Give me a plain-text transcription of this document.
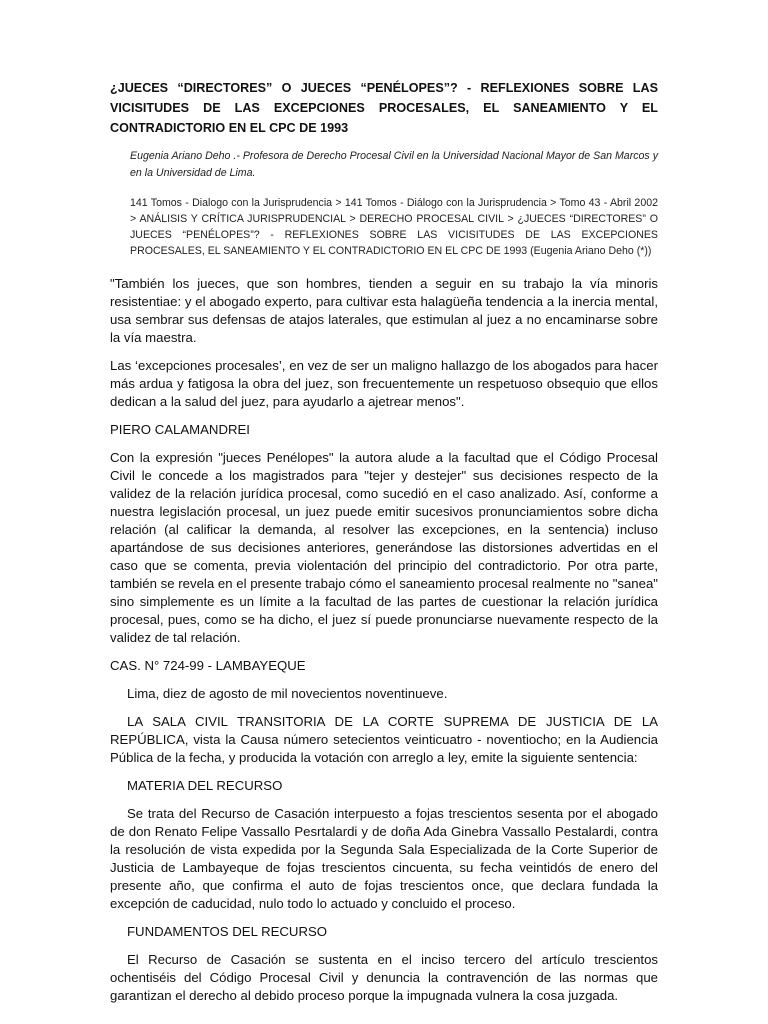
¿JUECES “DIRECTORES” O JUECES “PENÉLOPES”? - REFLEXIONES SOBRE LAS VICISITUDES DE LAS EXCEPCIONES PROCESALES, EL SANEAMIENTO Y EL CONTRADICTORIO EN EL CPC DE 1993
Eugenia Ariano Deho .- Profesora de Derecho Procesal Civil en la Universidad Nacional Mayor de San Marcos y en la Universidad de Lima.
141 Tomos - Dialogo con la Jurisprudencia > 141 Tomos - Diálogo con la Jurisprudencia > Tomo 43 - Abril 2002 > ANÁLISIS Y CRÍTICA JURISPRUDENCIAL > DERECHO PROCESAL CIVIL > ¿JUECES “DIRECTORES” O JUECES “PENÉLOPES”? - REFLEXIONES SOBRE LAS VICISITUDES DE LAS EXCEPCIONES PROCESALES, EL SANEAMIENTO Y EL CONTRADICTORIO EN EL CPC DE 1993 (Eugenia Ariano Deho (*))

"También los jueces, que son hombres, tienden a seguir en su trabajo la vía minoris resistentiae: y el abogado experto, para cultivar esta halagüeña tendencia a la inercia mental, usa sembrar sus defensas de atajos laterales, que estimulan al juez a no encaminarse sobre la vía maestra.

Las ‘excepciones procesales’, en vez de ser un maligno hallazgo de los abogados para hacer más ardua y fatigosa la obra del juez, son frecuentemente un respetuoso obsequio que ellos dedican a la salud del juez, para ayudarlo a ajetrear menos".

PIERO CALAMANDREI

Con la expresión "jueces Penélopes" la autora alude a la facultad que el Código Procesal Civil le concede a los magistrados para "tejer y destejer" sus decisiones respecto de la validez de la relación jurídica procesal, como sucedió en el caso analizado. Así, conforme a nuestra legislación procesal, un juez puede emitir sucesivos pronunciamientos sobre dicha relación (al calificar la demanda, al resolver las excepciones, en la sentencia) incluso apartándose de sus decisiones anteriores, generándose las distorsiones advertidas en el caso que se comenta, previa violentación del principio del contradictorio. Por otra parte, también se revela en el presente trabajo cómo el saneamiento procesal realmente no "sanea" sino simplemente es un límite a la facultad de las partes de cuestionar la relación jurídica procesal, pues, como se ha dicho, el juez sí puede pronunciarse nuevamente respecto de la validez de tal relación.

CAS. N° 724-99 - LAMBAYEQUE

Lima, diez de agosto de mil novecientos noventinueve.

LA SALA CIVIL TRANSITORIA DE LA CORTE SUPREMA DE JUSTICIA DE LA REPÚBLICA, vista la Causa número setecientos veinticuatro - noventiocho; en la Audiencia Pública de la fecha, y producida la votación con arreglo a ley, emite la siguiente sentencia:

MATERIA DEL RECURSO

Se trata del Recurso de Casación interpuesto a fojas trescientos sesenta por el abogado de don Renato Felipe Vassallo Pesrtalardi y de doña Ada Ginebra Vassallo Pestalardi, contra la resolución de vista expedida por la Segunda Sala Especializada de la Corte Superior de Justicia de Lambayeque de fojas trescientos cincuenta, su fecha veintidós de enero del presente año, que confirma el auto de fojas trescientos once, que declara fundada la excepción de caducidad, nulo todo lo actuado y concluido el proceso.

FUNDAMENTOS DEL RECURSO

El Recurso de Casación se sustenta en el inciso tercero del artículo trescientos ochentiséis del Código Procesal Civil y denuncia la contravención de las normas que garantizan el derecho al debido proceso porque la impugnada vulnera la cosa juzgada.
